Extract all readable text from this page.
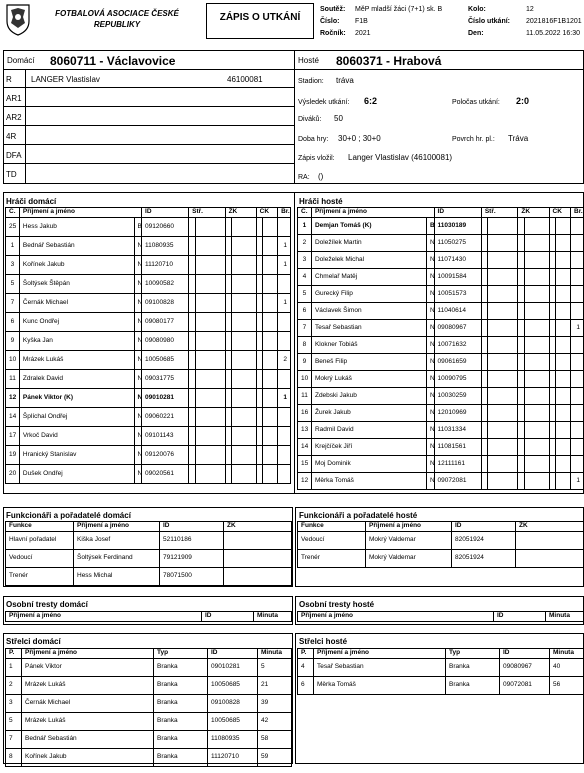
FOTBALOVÁ ASOCIACE ČESKÉ REPUBLIKY
ZÁPIS O UTKÁNÍ
Soutěž: MěP mladší žáci (7+1) sk. B
Číslo: F1B
Ročník: 2021
Kolo:	12
Číslo utkání: 2021816F1B1201
Den:	11.05.2022 16:30
Domácí 8060711 - Václavovice	Hosté 8060371 - Hrabová
R LANGER Vlastislav	46100081
AR1
AR2
4R
DFA
TD
Stadion: tráva
Výsledek utkání: 6:2	Poločas utkání: 2:0
Diváků: 50
Doba hry: 30+0 ; 30+0	Povrch hr. pl.: Tráva
Zápis vložil: Langer Vlastislav (46100081)
RA: ()
Hráči domácí
Č.	Příjmení a jméno		ID	Stř.		ŽK		ČK		Br.
25	Hess Jakub	B	09120660							
1	Bednář Sebastián	N	11080935							1
3	Kořínek Jakub	N	11120710							1
5	Šoltýsek Štěpán	N	10090582							
7	Černák Michael	N	09100828							1
6	Kunc Ondřej	N	09080177							
9	Kyška Jan	N	09080980							
10	Mrázek Lukáš	N	10050685							2
11	Zdralek David	N	09031775							
12	Pánek Viktor (K)	N	09010281							1
14	Šplíchal Ondřej	N	09060221							
17	Vrkoč David	N	09101143							
19	Hranický Stanislav	N	09120076							
20	Dušek Ondřej	N	09020561							
Hráči hosté
Č.	Příjmení a jméno		ID	Stř.		ŽK		ČK		Br.
1	Demjan Tomáš (K)	B	11030189							
2	Doležílek Martin	N	11050275							
3	Doleželek Michal	N	11071430							
4	Chmelař Matěj	N	10091584							
5	Gurecký Filip	N	10051573							
6	Václavek Šimon	N	11040614							
7	Tesař Sebastian	N	09080967							1
8	Klokner Tobiáš	N	10071632							
9	Beneš Filip	N	09061659							
10	Mokrý Lukáš	N	10090795							
11	Zdebski Jakub	N	10030259							
16	Žurek Jakub	N	12010969							
13	Radmil David	N	11031334							
14	Krejčíček Jiří	N	11081561							
15	Moj Dominik	N	12111161							
12	Měrka Tomáš	N	09072081							1
Funkcionáři a pořadatelé domácí
Funkce	Příjmení a jméno	ID	ŽK
Hlavní pořadatel	Kiška Josef	52110186	
Vedoucí	Šoltýsek Ferdinand	79121909	
Trenér	Hess Michal	78071500	
Funkcionáři a pořadatelé hosté
Funkce	Příjmení a jméno	ID	ŽK
Vedoucí	Mokrý Valdemar	82051924	
Trenér	Mokrý Valdemar	82051924	
Osobní tresty domácí
Příjmení a jméno	ID	Minuta
Osobní tresty hosté
Příjmení a jméno	ID	Minuta
Střelci domácí
P.	Příjmení a jméno	Typ	ID	Minuta
1	Pánek Viktor	Branka	09010281	5
2	Mrázek Lukáš	Branka	10050685	21
3	Černák Michael	Branka	09100828	39
5	Mrázek Lukáš	Branka	10050685	42
7	Bednář Sebastián	Branka	11080935	58
8	Kořínek Jakub	Branka	11120710	59
Střelci hosté
P.	Příjmení a jméno	Typ	ID	Minuta
4	Tesař Sebastian	Branka	09080967	40
6	Měrka Tomáš	Branka	09072081	56
